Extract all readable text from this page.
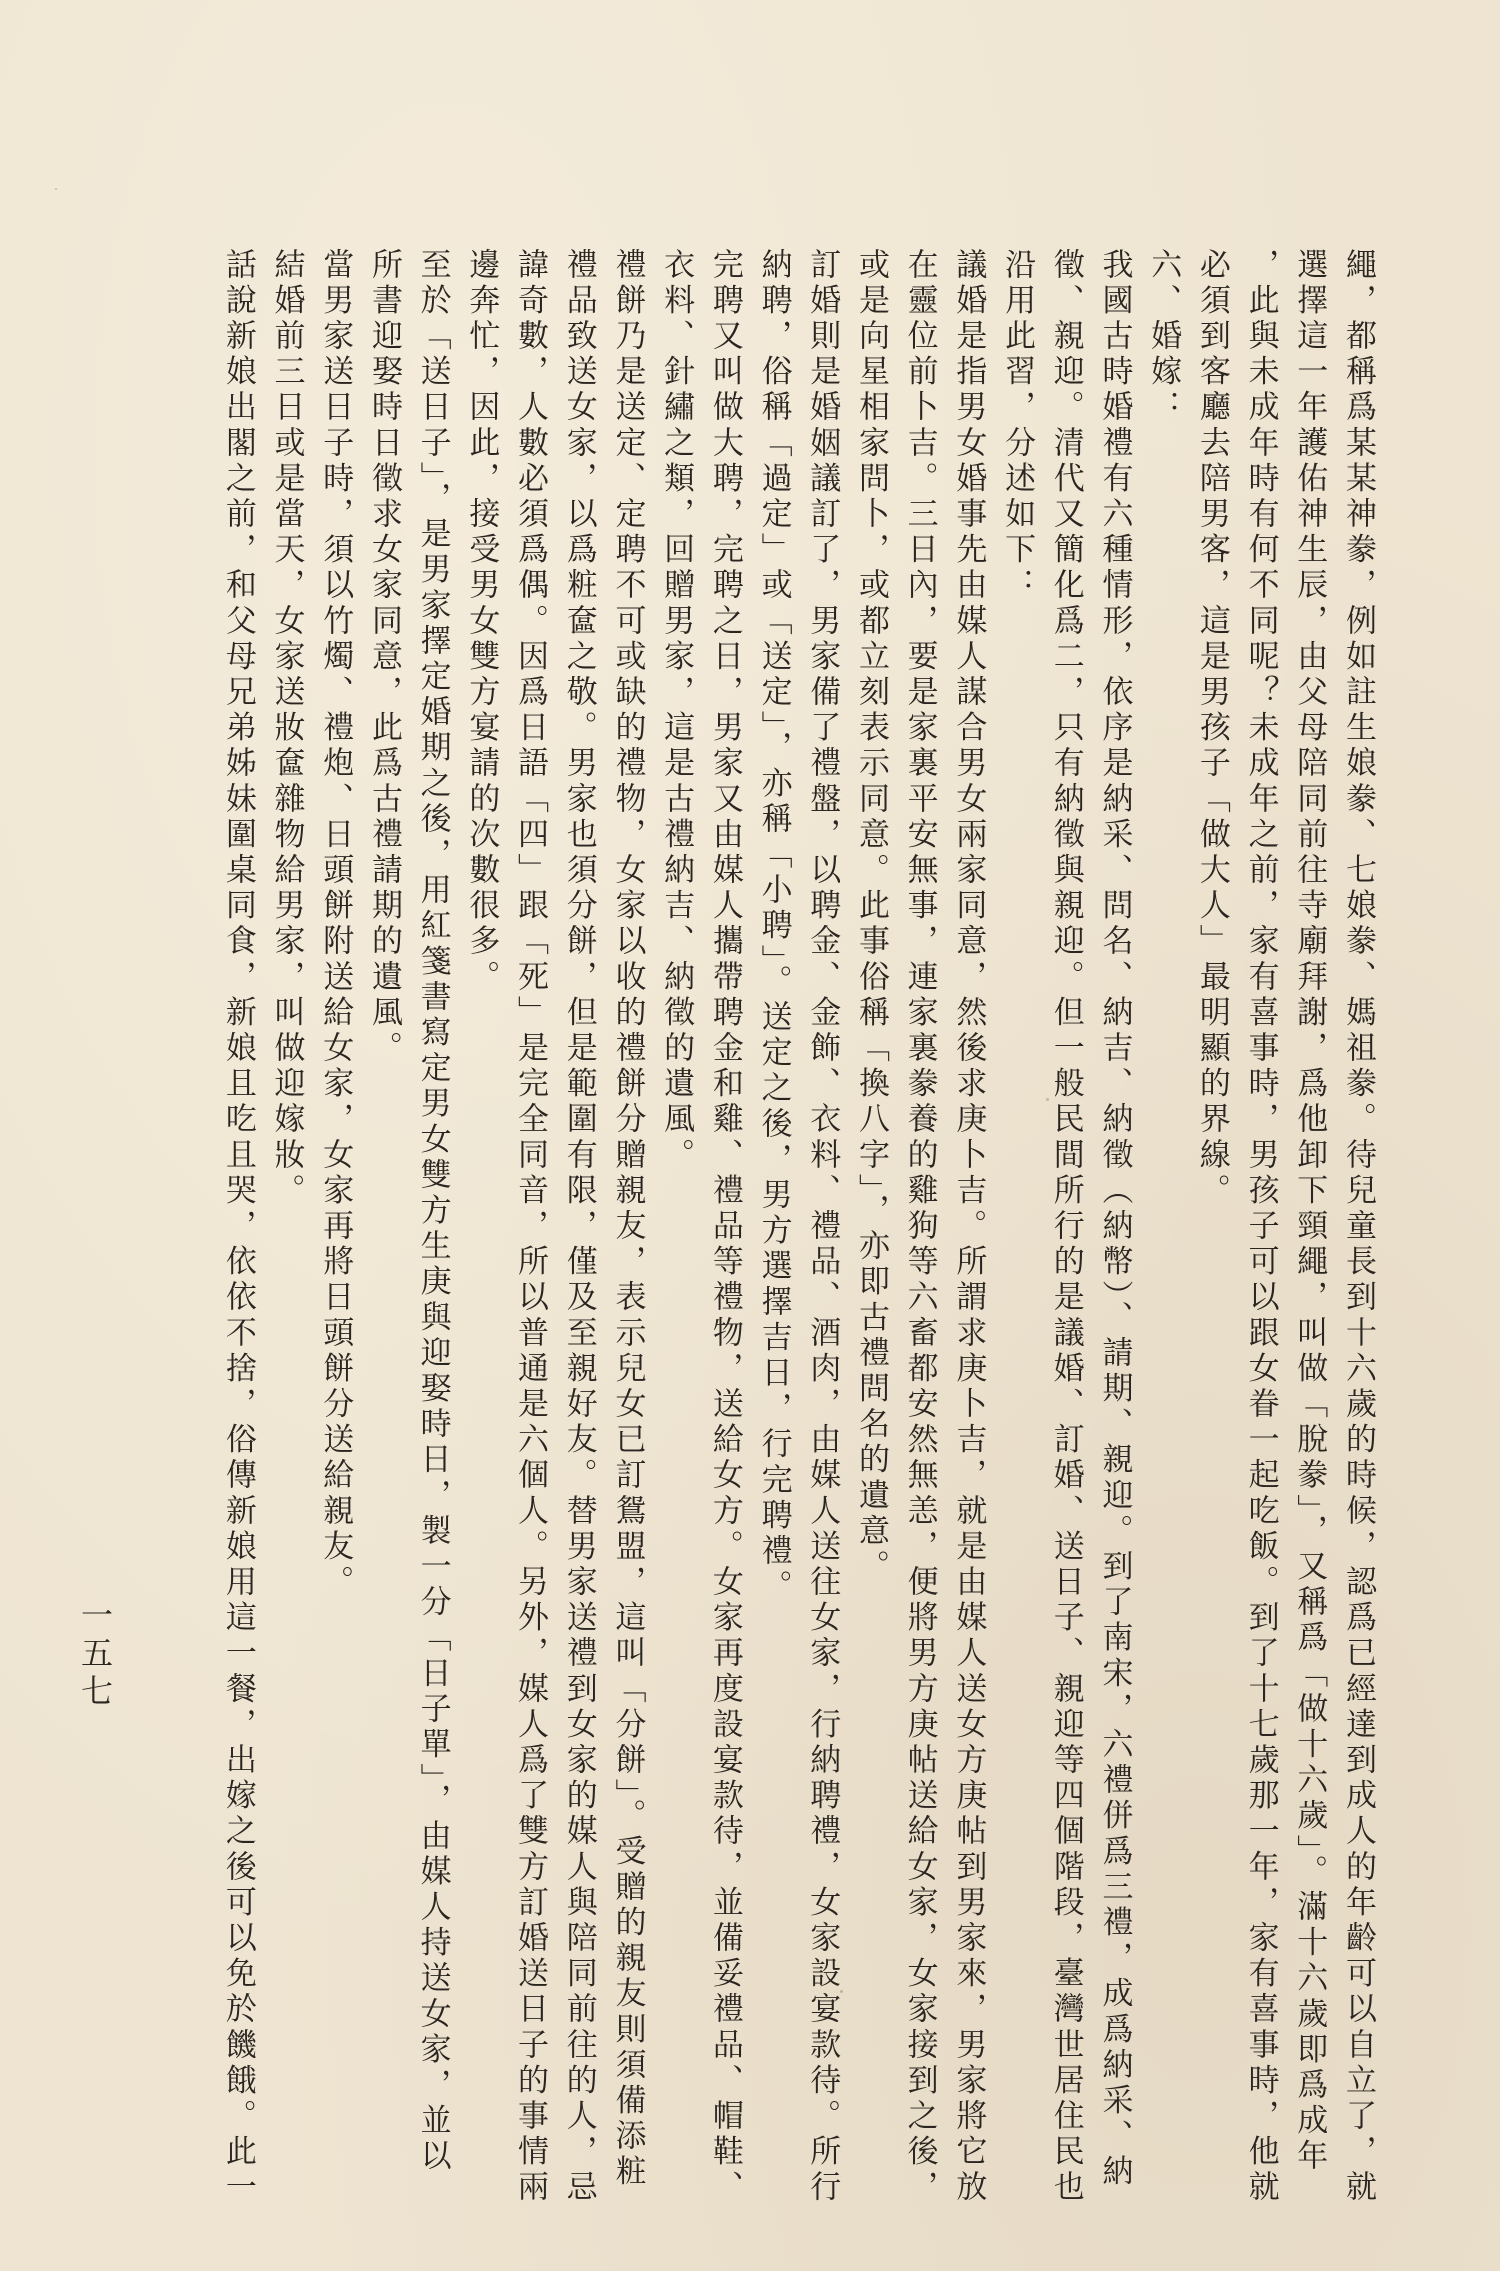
繩，都稱爲某某神豢，例如註生娘豢、七娘豢、媽祖豢。待兒童長到十六歲的時候，認爲已經達到成人的年齡可以自立了，就

選擇這一年護佑神生辰，由父母陪同前往寺廟拜謝，爲他卸下頸繩，叫做「脫豢」，又稱爲「做十六歲」。滿十六歲即爲成年

，此與未成年時有何不同呢？未成年之前，家有喜事時，男孩子可以跟女眷一起吃飯。到了十七歲那一年，家有喜事時，他就

必須到客廳去陪男客，這是男孩子「做大人」最明顯的界線。

六、婚嫁：

我國古時婚禮有六種情形，依序是納采、問名、納吉、納徵（納幣）、請期、親迎。到了南宋，六禮併爲三禮，成爲納采、納

徵、親迎。清代又簡化爲二，只有納徵與親迎。但一般民間所行的是議婚、訂婚、送日子、親迎等四個階段，臺灣世居住民也

沿用此習，分述如下：

議婚是指男女婚事先由媒人謀合男女兩家同意，然後求庚卜吉。所謂求庚卜吉，就是由媒人送女方庚帖到男家來，男家將它放

在靈位前卜吉。三日內，要是家裏平安無事，連家裏豢養的雞狗等六畜都安然無恙，便將男方庚帖送給女家，女家接到之後，

或是向星相家問卜，或都立刻表示同意。此事俗稱「換八字」，亦即古禮問名的遺意。

訂婚則是婚姻議訂了，男家備了禮盤，以聘金、金飾、衣料、禮品、酒肉，由媒人送往女家，行納聘禮，女家設宴款待。所行

納聘，俗稱「過定」或「送定」，亦稱「小聘」。送定之後，男方選擇吉日，行完聘禮。

完聘又叫做大聘，完聘之日，男家又由媒人攜帶聘金和雞、禮品等禮物，送給女方。女家再度設宴款待，並備妥禮品、帽鞋、

衣料、針繡之類，回贈男家，這是古禮納吉、納徵的遺風。

禮餅乃是送定、定聘不可或缺的禮物，女家以收的禮餅分贈親友，表示兒女已訂鴛盟，這叫「分餅」。受贈的親友則須備添粧

禮品致送女家，以爲粧奩之敬。男家也須分餅，但是範圍有限，僅及至親好友。替男家送禮到女家的媒人與陪同前往的人，忌

諱奇數，人數必須爲偶。因爲日語「四」跟「死」是完全同音，所以普通是六個人。另外，媒人爲了雙方訂婚送日子的事情兩

邊奔忙，因此，接受男女雙方宴請的次數很多。

至於「送日子」，是男家擇定婚期之後，用紅箋書寫定男女雙方生庚與迎娶時日，製一分「日子單」，由媒人持送女家，並以

所書迎娶時日徵求女家同意，此爲古禮請期的遺風。

當男家送日子時，須以竹燭、禮炮、日頭餅附送給女家，女家再將日頭餅分送給親友。

結婚前三日或是當天，女家送妝奩雜物給男家，叫做迎嫁妝。

話說新娘出閣之前，和父母兄弟姊妹圍桌同食，新娘且吃且哭，依依不捨，俗傳新娘用這一餐，出嫁之後可以免於饑餓。此一

一五七
